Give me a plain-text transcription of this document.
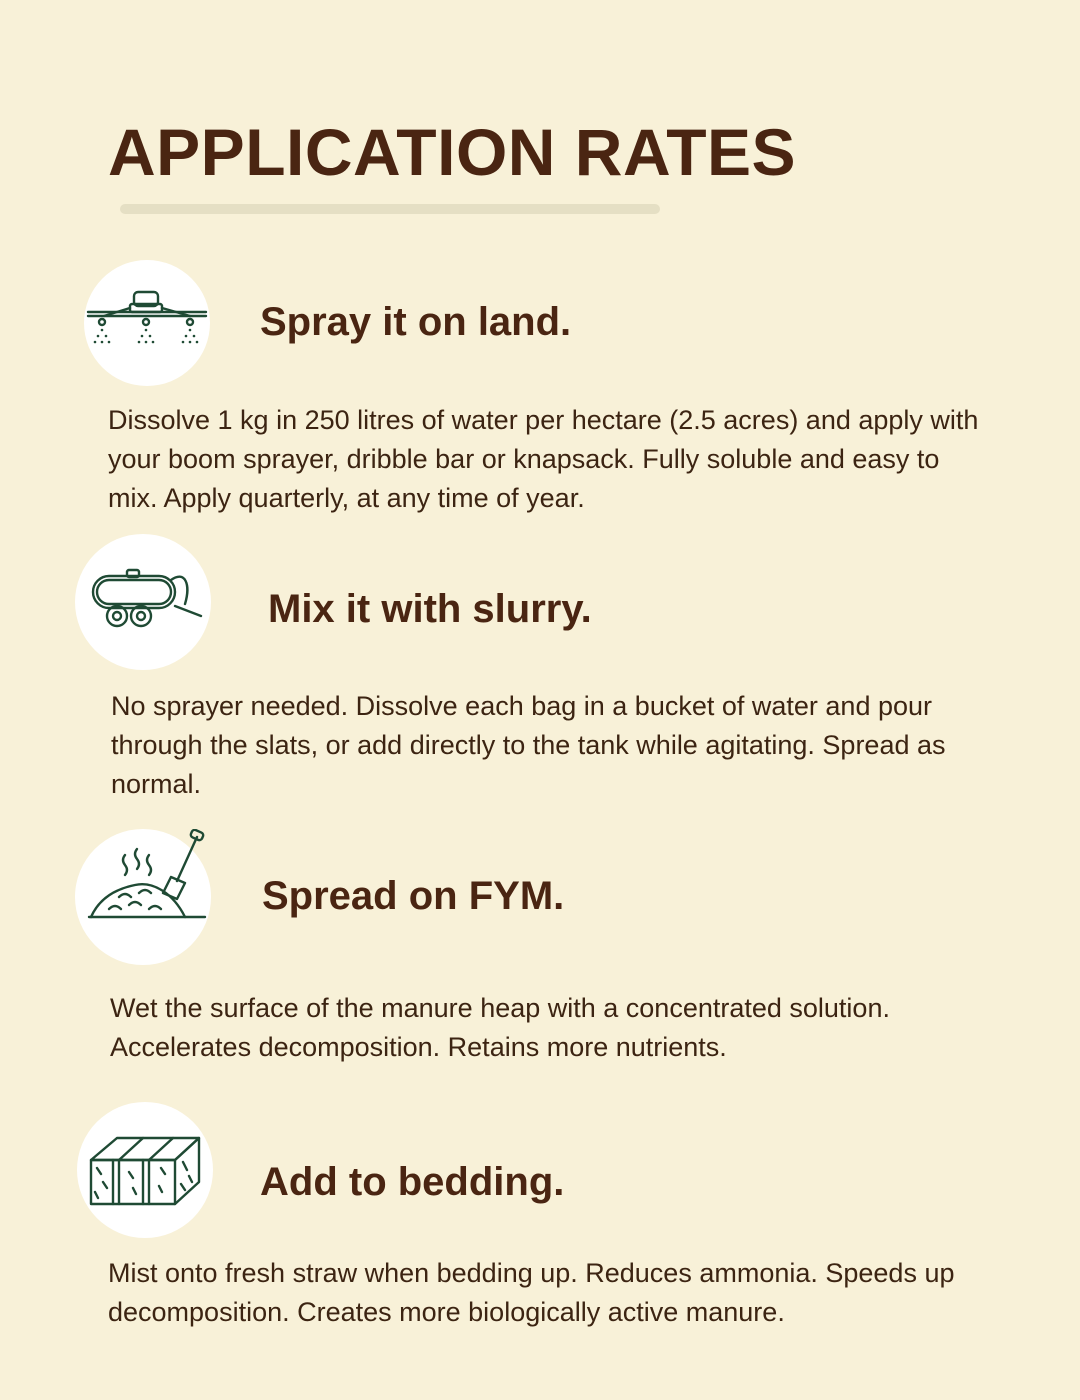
APPLICATION RATES
Spray it on land.

Dissolve 1 kg in 250 litres of water per hectare (2.5 acres) and apply with your boom sprayer, dribble bar or knapsack. Fully soluble and easy to mix. Apply quarterly, at any time of year.

Mix it with slurry.

No sprayer needed. Dissolve each bag in a bucket of water and pour through the slats, or add directly to the tank while agitating. Spread as normal.

Spread on FYM.

Wet the surface of the manure heap with a concentrated solution. Accelerates decomposition. Retains more nutrients.

Add to bedding.

Mist onto fresh straw when bedding up. Reduces ammonia. Speeds up decomposition. Creates more biologically active manure.
